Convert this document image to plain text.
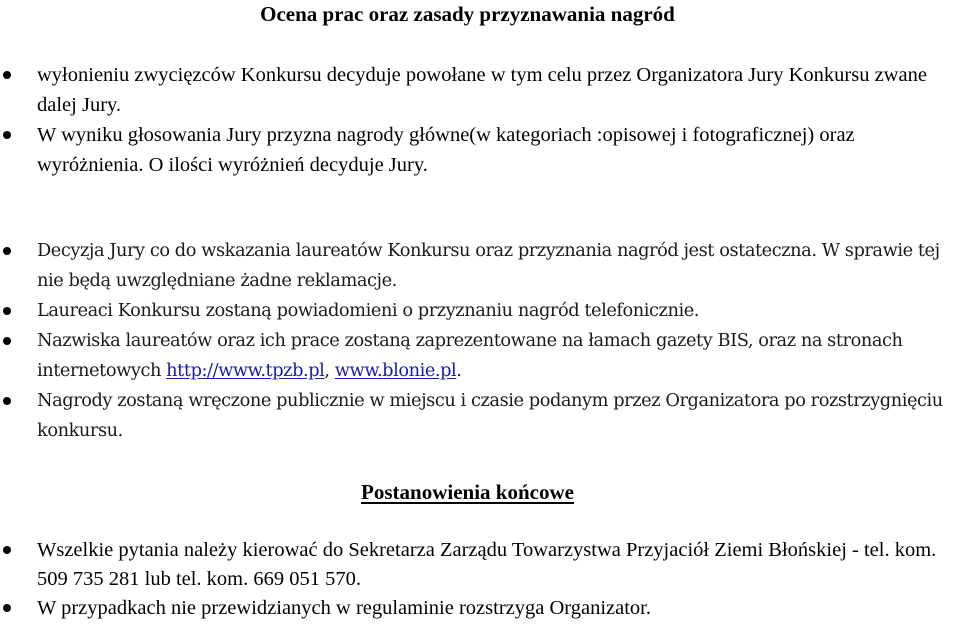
Ocena prac oraz zasady przyznawania nagród
wyłonieniu zwycięzców Konkursu decyduje powołane w tym celu przez Organizatora Jury Konkursu zwane dalej Jury.
W wyniku głosowania Jury przyzna nagrody główne(w kategoriach :opisowej i fotograficznej) oraz wyróżnienia. O ilości wyróżnień decyduje Jury.
Decyzja Jury co do wskazania laureatów Konkursu oraz przyznania nagród jest ostateczna. W sprawie tej nie będą uwzględniane żadne reklamacje.
Laureaci Konkursu zostaną powiadomieni o przyznaniu nagród telefonicznie.
Nazwiska laureatów oraz ich prace zostaną zaprezentowane na łamach gazety BIS, oraz na stronach internetowych http://www.tpzb.pl, www.blonie.pl.
Nagrody zostaną wręczone publicznie w miejscu i czasie podanym przez Organizatora po rozstrzygnięciu konkursu.
Postanowienia końcowe
Wszelkie pytania należy kierować do Sekretarza Zarządu Towarzystwa Przyjaciół Ziemi Błońskiej - tel. kom. 509 735 281 lub tel. kom. 669 051 570.
W przypadkach nie przewidzianych w regulaminie rozstrzyga Organizator.
